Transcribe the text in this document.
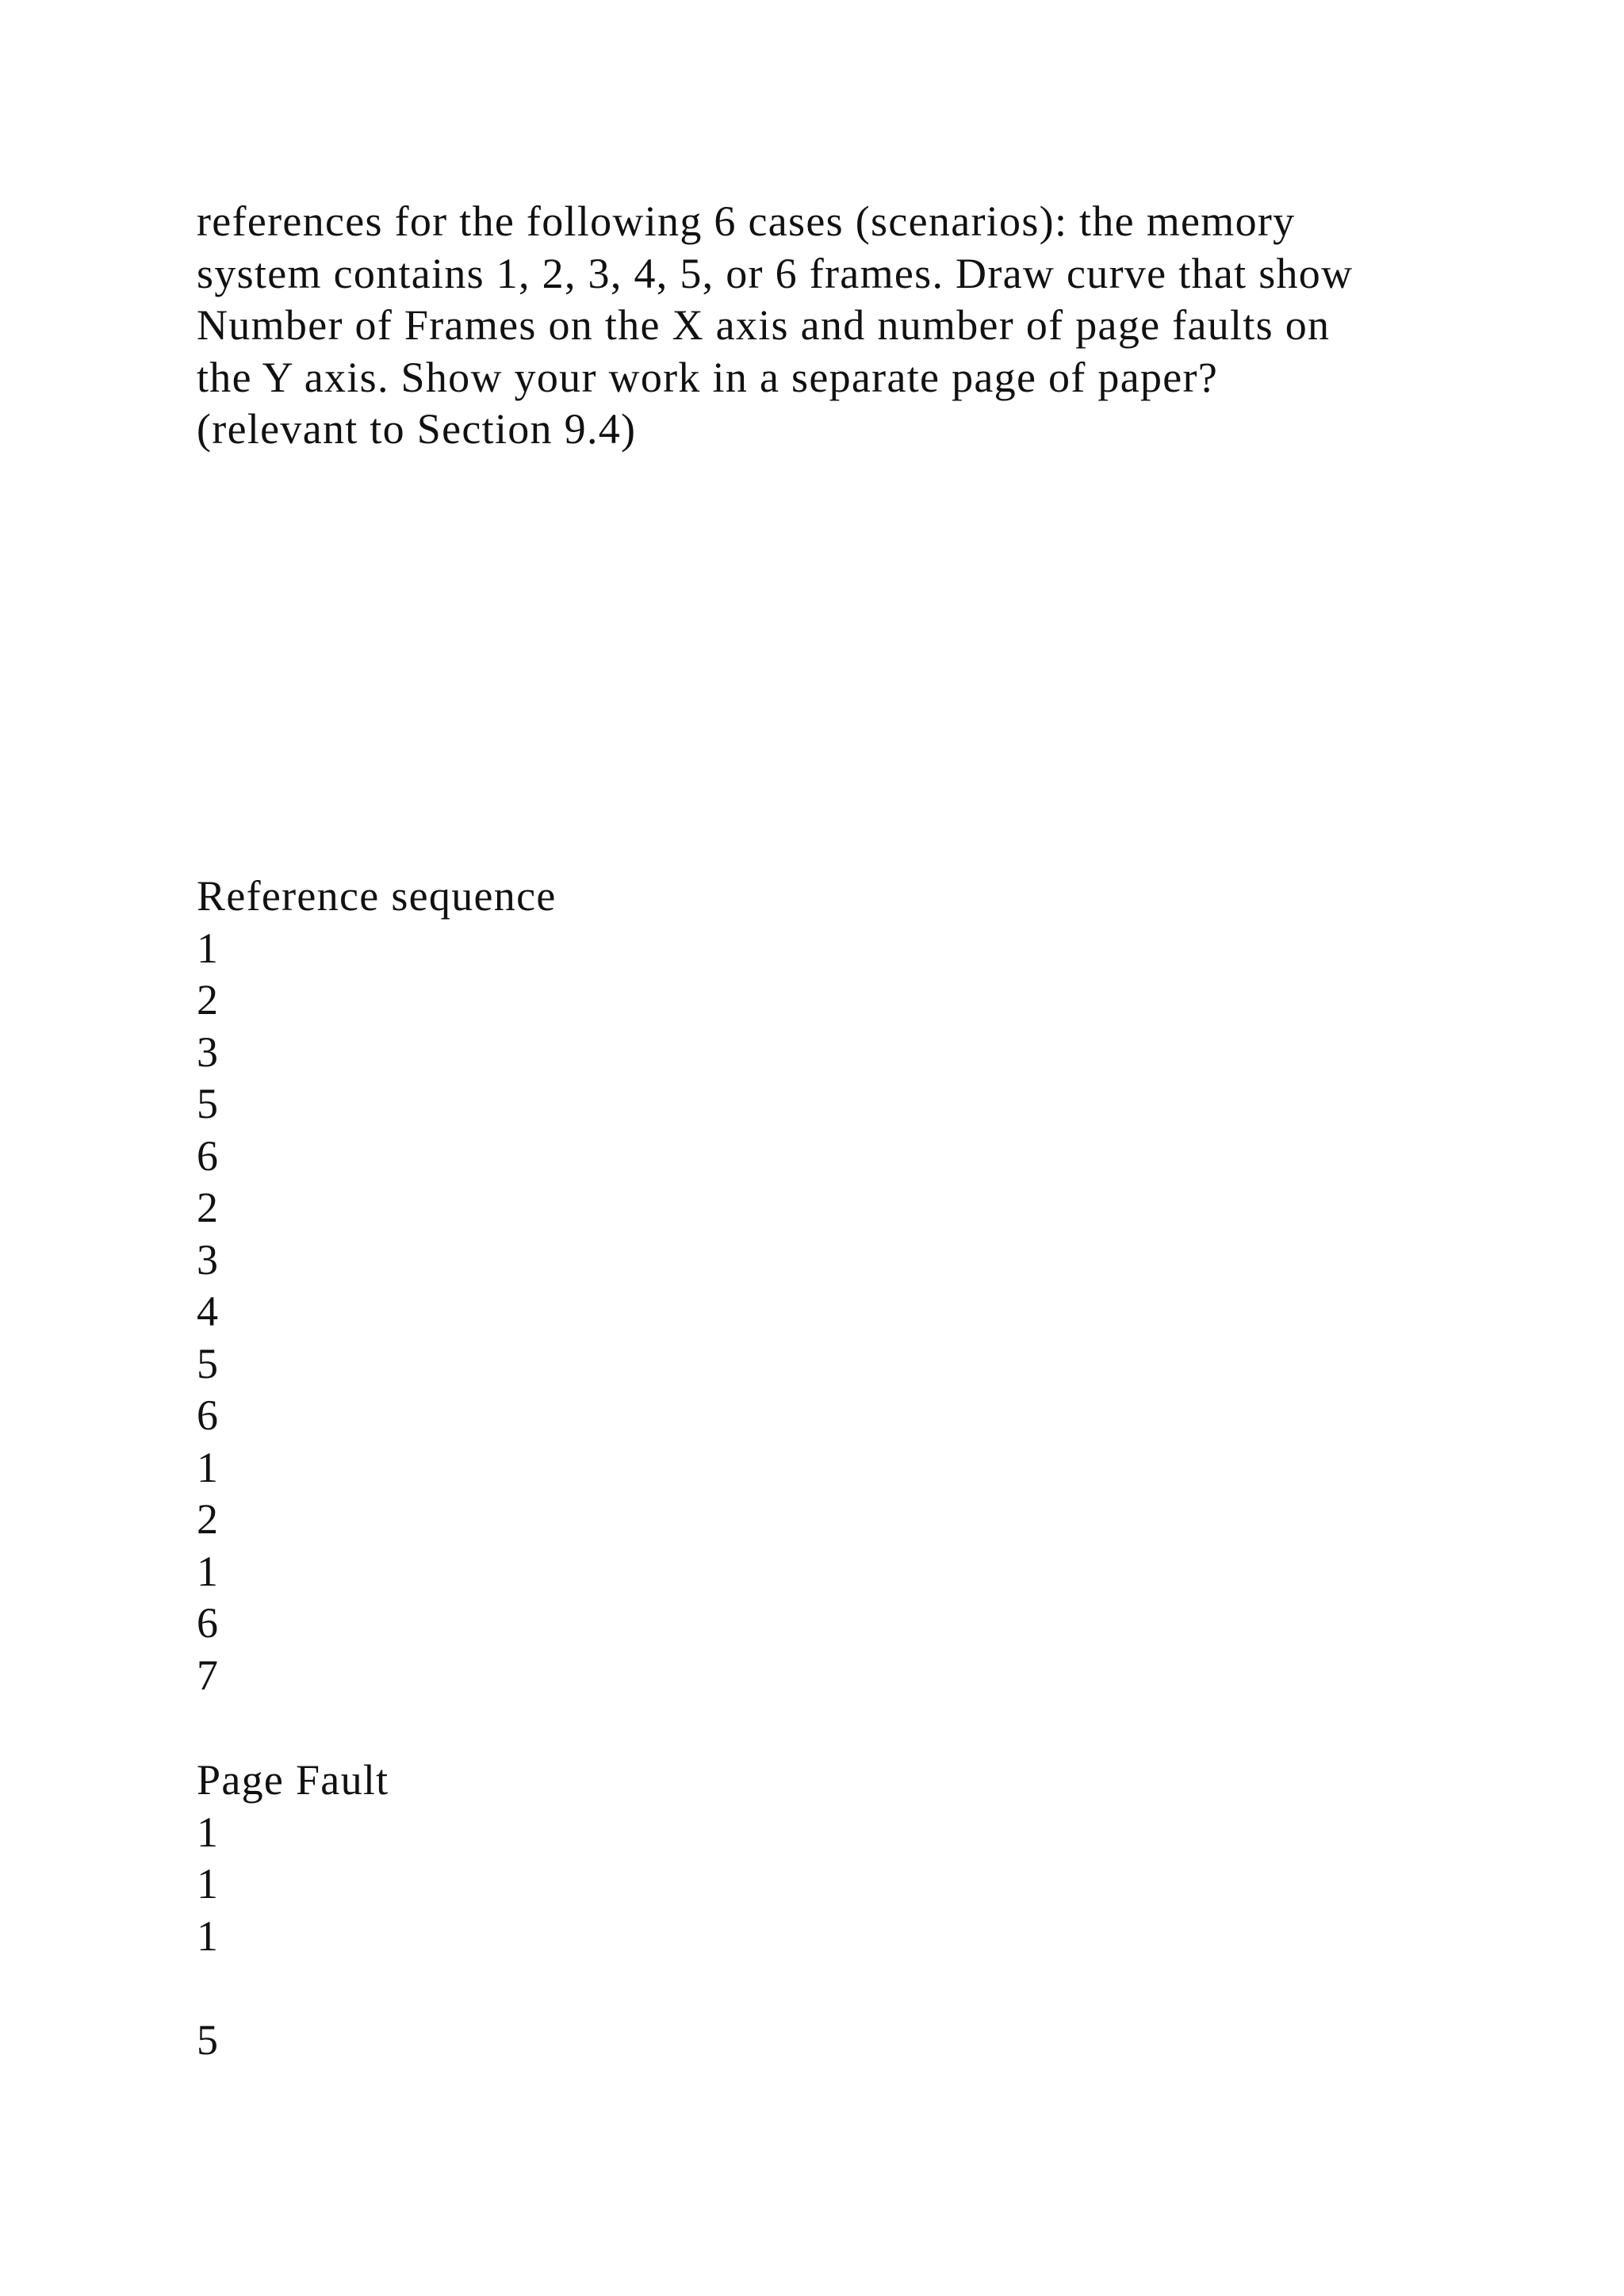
references for the following 6 cases (scenarios): the memory
system contains 1, 2, 3, 4, 5, or 6 frames. Draw curve that show
Number of Frames on the X axis and number of page faults on
the Y axis. Show your work in a separate page of paper?
(relevant to Section 9.4)

Reference sequence
1
2
3
5
6
2
3
4
5
6
1
2
1
6
7
Page Fault
1
1
1
5
